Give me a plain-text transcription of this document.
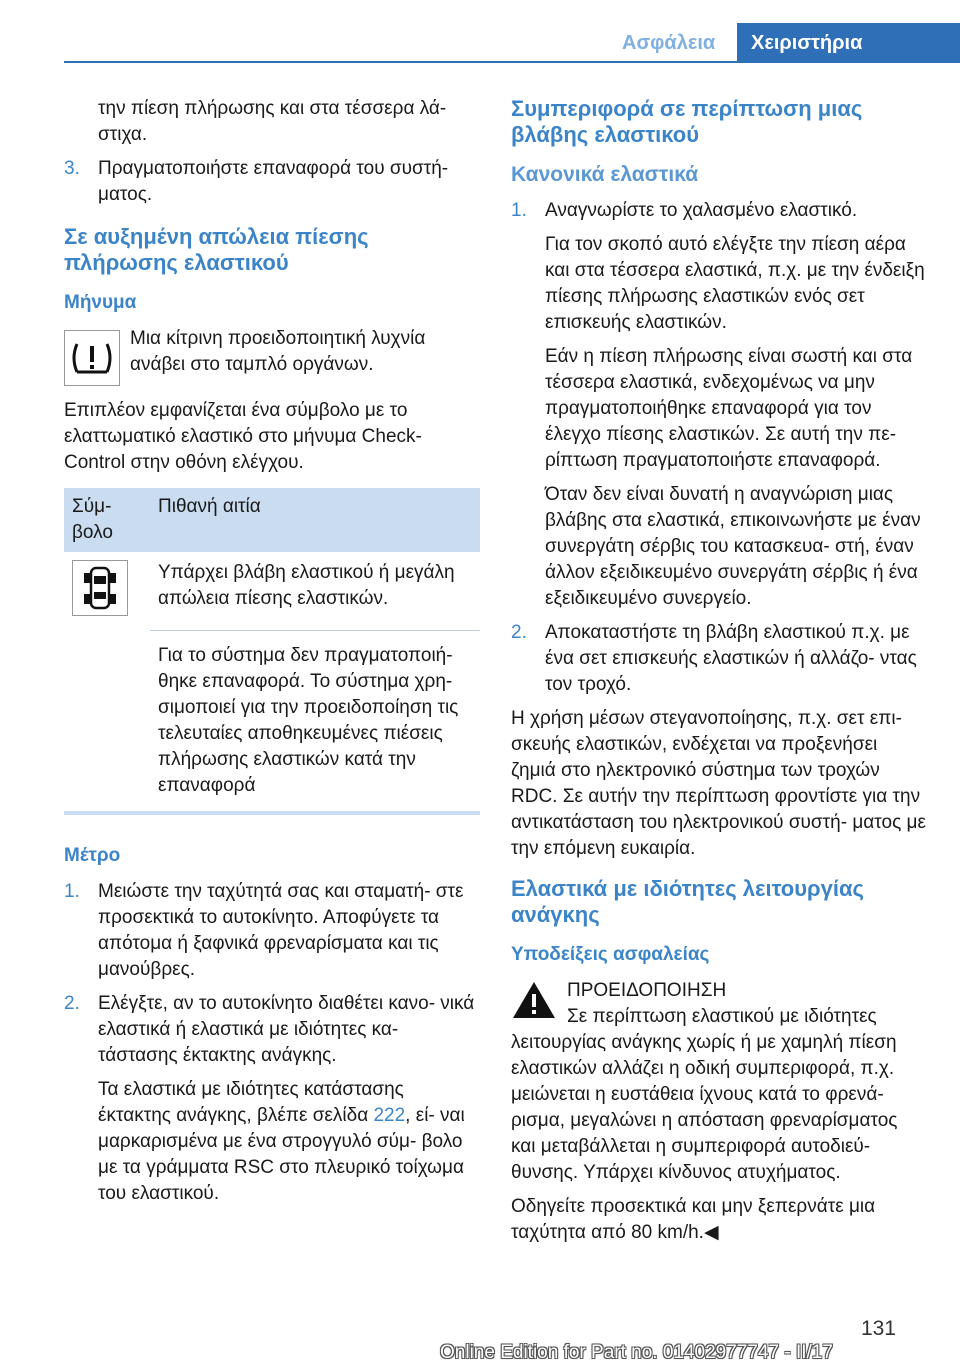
Ασφάλεια	Χειριστήρια

την πίεση πλήρωσης και στα τέσσερα λά‐ στιχα.

3. Πραγματοποιήστε επαναφορά του συστή‐ ματος.
Σε αυξημένη απώλεια πίεσης πλήρωσης ελαστικού
Μήνυμα
Μια κίτρινη προειδοποιητική λυχνία ανάβει στο ταμπλό οργάνων.

Επιπλέον εμφανίζεται ένα σύμβολο με το ελαττωματικό ελαστικό στο μήνυμα Check- Control στην οθόνη ελέγχου.

Σύμ‐ βολο	Πιθανή αιτία

	Υπάρχει βλάβη ελαστικού ή μεγάλη απώλεια πίεσης ελαστικών.
	Για το σύστημα δεν πραγματοποιή‐ θηκε επαναφορά. Το σύστημα χρη‐ σιμοποιεί για την προειδοποίηση τις τελευταίες αποθηκευμένες πιέσεις πλήρωσης ελαστικών κατά την επαναφορά
Μέτρο
1. Μειώστε την ταχύτητά σας και σταματή‐ στε προσεκτικά το αυτοκίνητο. Αποφύγετε τα απότομα ή ξαφνικά φρεναρίσματα και τις μανούβρες.
2. Ελέγξτε, αν το αυτοκίνητο διαθέτει κανο‐ νικά ελαστικά ή ελαστικά με ιδιότητες κα‐ τάστασης έκτακτης ανάγκης.

Τα ελαστικά με ιδιότητες κατάστασης έκτακτης ανάγκης, βλέπε σελίδα 222, εί‐ ναι μαρκαρισμένα με ένα στρογγυλό σύμ‐ βολο με τα γράμματα RSC στο πλευρικό τοίχωμα του ελαστικού.

Συμπεριφορά σε περίπτωση μιας βλάβης ελαστικού
Κανονικά ελαστικά
1. Αναγνωρίστε το χαλασμένο ελαστικό.

Για τον σκοπό αυτό ελέγξτε την πίεση αέρα και στα τέσσερα ελαστικά, π.χ. με την ένδειξη πίεσης πλήρωσης ελαστικών ενός σετ επισκευής ελαστικών.

Εάν η πίεση πλήρωσης είναι σωστή και στα τέσσερα ελαστικά, ενδεχομένως να μην πραγματοποιήθηκε επαναφορά για τον έλεγχο πίεσης ελαστικών. Σε αυτή την πε‐ ρίπτωση πραγματοποιήστε επαναφορά.

Όταν δεν είναι δυνατή η αναγνώριση μιας βλάβης στα ελαστικά, επικοινωνήστε με έναν συνεργάτη σέρβις του κατασκευα‐ στή, έναν άλλον εξειδικευμένο συνεργάτη σέρβις ή ένα εξειδικευμένο συνεργείο.

2. Αποκαταστήστε τη βλάβη ελαστικού π.χ. με ένα σετ επισκευής ελαστικών ή αλλάζο‐ ντας τον τροχό.

Η χρήση μέσων στεγανοποίησης, π.χ. σετ επι‐ σκευής ελαστικών, ενδέχεται να προξενήσει ζημιά στο ηλεκτρονικό σύστημα των τροχών RDC. Σε αυτήν την περίπτωση φροντίστε για την αντικατάσταση του ηλεκτρονικού συστή‐ ματος με την επόμενη ευκαιρία.

Ελαστικά με ιδιότητες λειτουργίας ανάγκης
Υποδείξεις ασφαλείας
ΠΡΟΕΙΔΟΠΟΙΗΣΗ

Σε περίπτωση ελαστικού με ιδιότητες λειτουργίας ανάγκης χωρίς ή με χαμηλή πίεση ελαστικών αλλάζει η οδική συμπεριφορά, π.χ. μειώνεται η ευστάθεια ίχνους κατά το φρενά‐ ρισμα, μεγαλώνει η απόσταση φρεναρίσματος και μεταβάλλεται η συμπεριφορά αυτοδιεύ‐ θυνσης. Υπάρχει κίνδυνος ατυχήματος.

Οδηγείτε προσεκτικά και μην ξεπερνάτε μια ταχύτητα από 80 km/h.◀

131
Online Edition for Part no. 01402977747 - II/17
